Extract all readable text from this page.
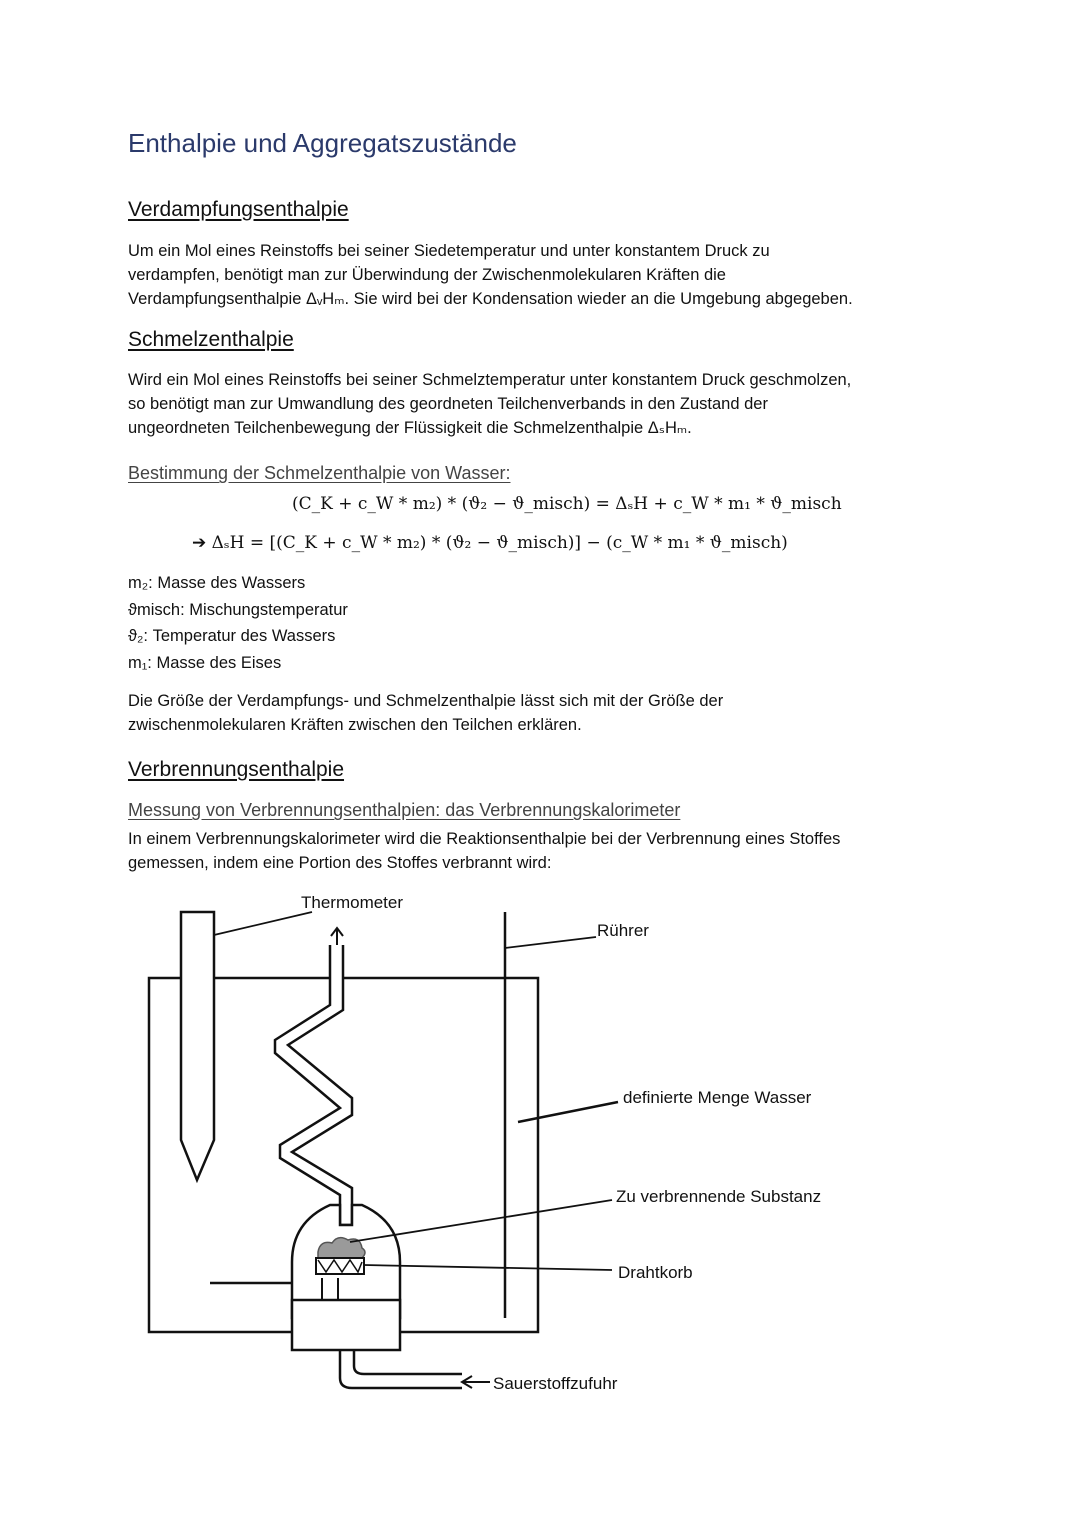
Enthalpie und Aggregatszustände
Verdampfungsenthalpie
Um ein Mol eines Reinstoffs bei seiner Siedetemperatur und unter konstantem Druck zu
verdampfen, benötigt man zur Überwindung der Zwischenmolekularen Kräften die
Verdampfungsenthalpie ΔᵥHₘ. Sie wird bei der Kondensation wieder an die Umgebung abgegeben.
Schmelzenthalpie
Wird ein Mol eines Reinstoffs bei seiner Schmelztemperatur unter konstantem Druck geschmolzen,
so benötigt man zur Umwandlung des geordneten Teilchenverbands in den Zustand der
ungeordneten Teilchenbewegung der Flüssigkeit die Schmelzenthalpie ΔₛHₘ.
Bestimmung der Schmelzenthalpie von Wasser:
(C_K + c_W * m₂) * (ϑ₂ − ϑ_misch) = ΔₛH + c_W * m₁ * ϑ_misch
➔ ΔₛH = [(C_K + c_W * m₂) * (ϑ₂ − ϑ_misch)] − (c_W * m₁ * ϑ_misch)
m₂: Masse des Wassers
ϑmisch: Mischungstemperatur
ϑ₂: Temperatur des Wassers
m₁: Masse des Eises
Die Größe der Verdampfungs- und Schmelzenthalpie lässt sich mit der Größe der
zwischenmolekularen Kräften zwischen den Teilchen erklären.
Verbrennungsenthalpie
Messung von Verbrennungsenthalpien: das Verbrennungskalorimeter
In einem Verbrennungskalorimeter wird die Reaktionsenthalpie bei der Verbrennung eines Stoffes
gemessen, indem eine Portion des Stoffes verbrannt wird:
Thermometer
Rührer
definierte Menge Wasser
Zu verbrennende Substanz
Drahtkorb
Sauerstoffzufuhr
